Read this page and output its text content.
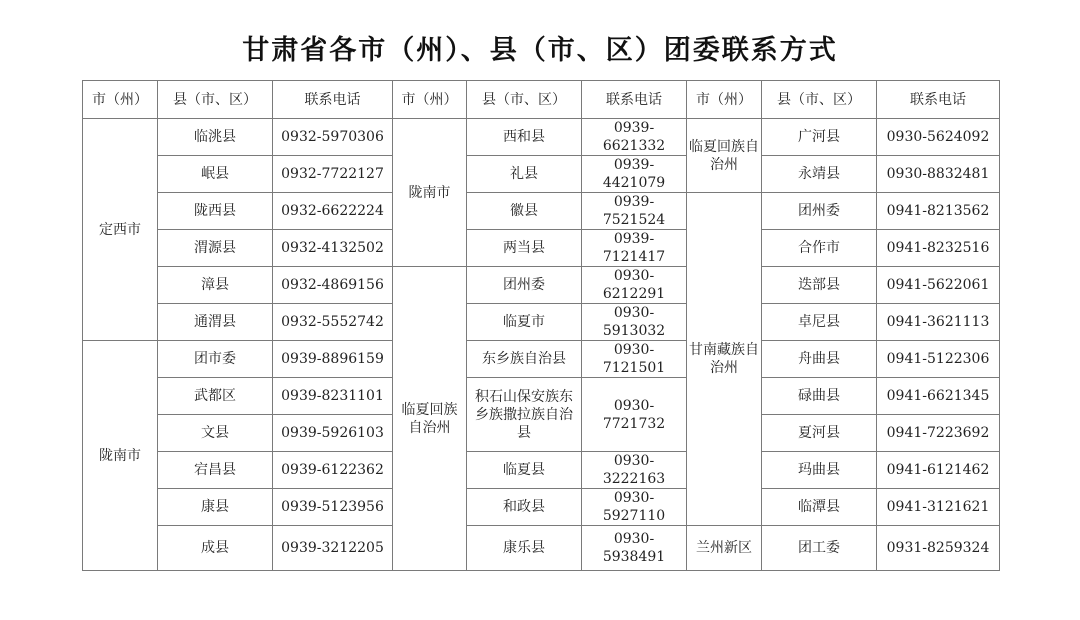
甘肃省各市（州）、县（市、区）团委联系方式
市（州）	县（市、区）	联系电话	市（州）	县（市、区）	联系电话	市（州）	县（市、区）	联系电话
定西市	临洮县	0932-5970306	陇南市	西和县	0939-6621332	临夏回族自治州	广河县	0930-5624092
	岷县	0932-7722127		礼县	0939-4421079		永靖县	0930-8832481
	陇西县	0932-6622224		徽县	0939-7521524	甘南藏族自治州	团州委	0941-8213562
	渭源县	0932-4132502		两当县	0939-7121417		合作市	0941-8232516
	漳县	0932-4869156	临夏回族自治州	团州委	0930-6212291		迭部县	0941-5622061
	通渭县	0932-5552742		临夏市	0930-5913032		卓尼县	0941-3621113
陇南市	团市委	0939-8896159		东乡族自治县	0930-7121501		舟曲县	0941-5122306
	武都区	0939-8231101		积石山保安族东乡族撒拉族自治县	0930-7721732		碌曲县	0941-6621345
	文县	0939-5926103					夏河县	0941-7223692
	宕昌县	0939-6122362		临夏县	0930-3222163		玛曲县	0941-6121462
	康县	0939-5123956		和政县	0930-5927110		临潭县	0941-3121621
	成县	0939-3212205		康乐县	0930-5938491	兰州新区	团工委	0931-8259324
